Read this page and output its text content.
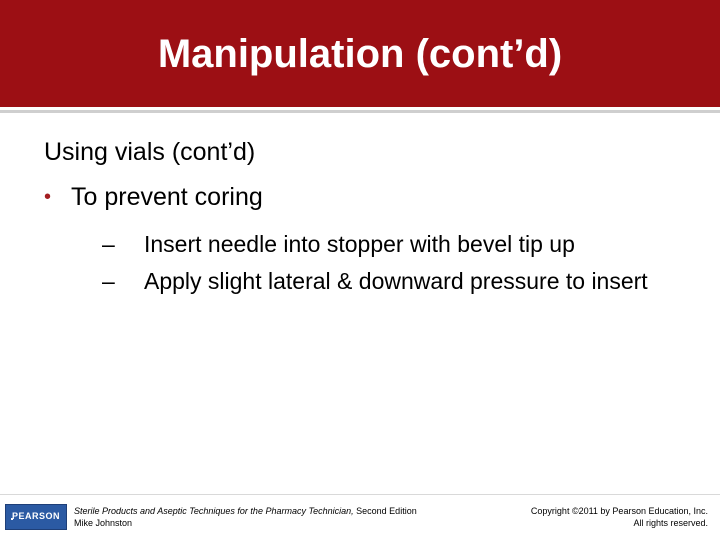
Manipulation (cont’d)
Using vials (cont’d)
• To prevent coring
– Insert needle into stopper with bevel tip up
– Apply slight lateral & downward pressure to insert
PEARSON Sterile Products and Aseptic Techniques for the Pharmacy Technician, Second Edition
Mike Johnston
Copyright ©2011 by Pearson Education, Inc.
All rights reserved.
